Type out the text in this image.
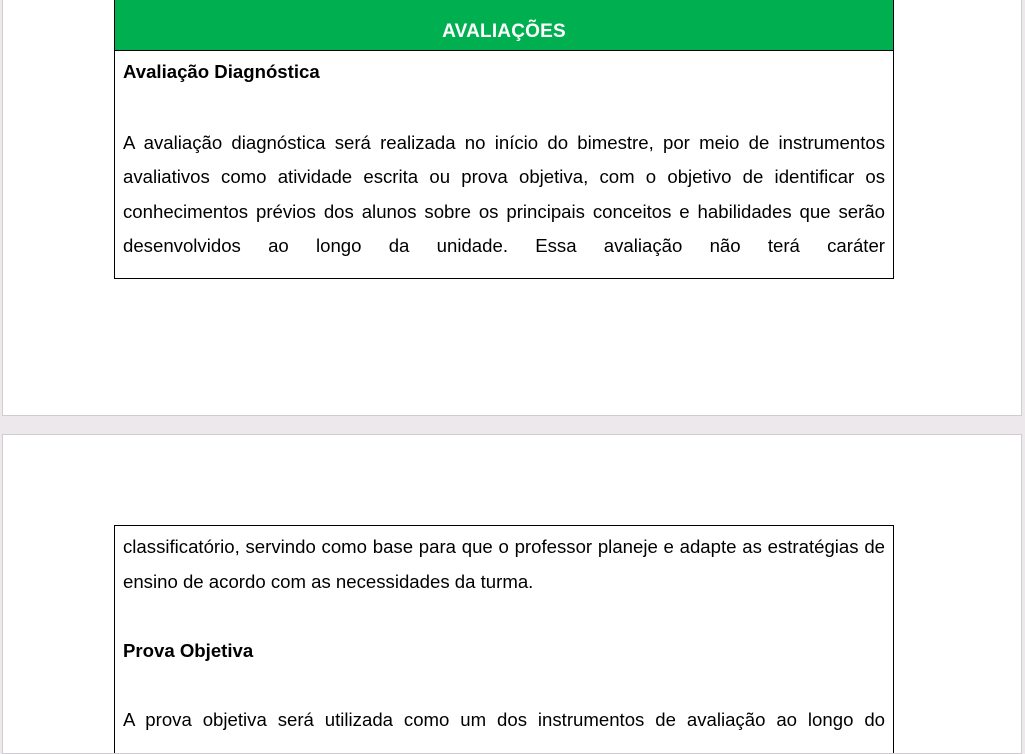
AVALIAÇÕES

Avaliação Diagnóstica

A avaliação diagnóstica será realizada no início do bimestre, por meio de instrumentos avaliativos como atividade escrita ou prova objetiva, com o objetivo de identificar os conhecimentos prévios dos alunos sobre os principais conceitos e habilidades que serão desenvolvidos ao longo da unidade. Essa avaliação não terá caráter

classificatório, servindo como base para que o professor planeje e adapte as estratégias de ensino de acordo com as necessidades da turma.

Prova Objetiva

A prova objetiva será utilizada como um dos instrumentos de avaliação ao longo do
